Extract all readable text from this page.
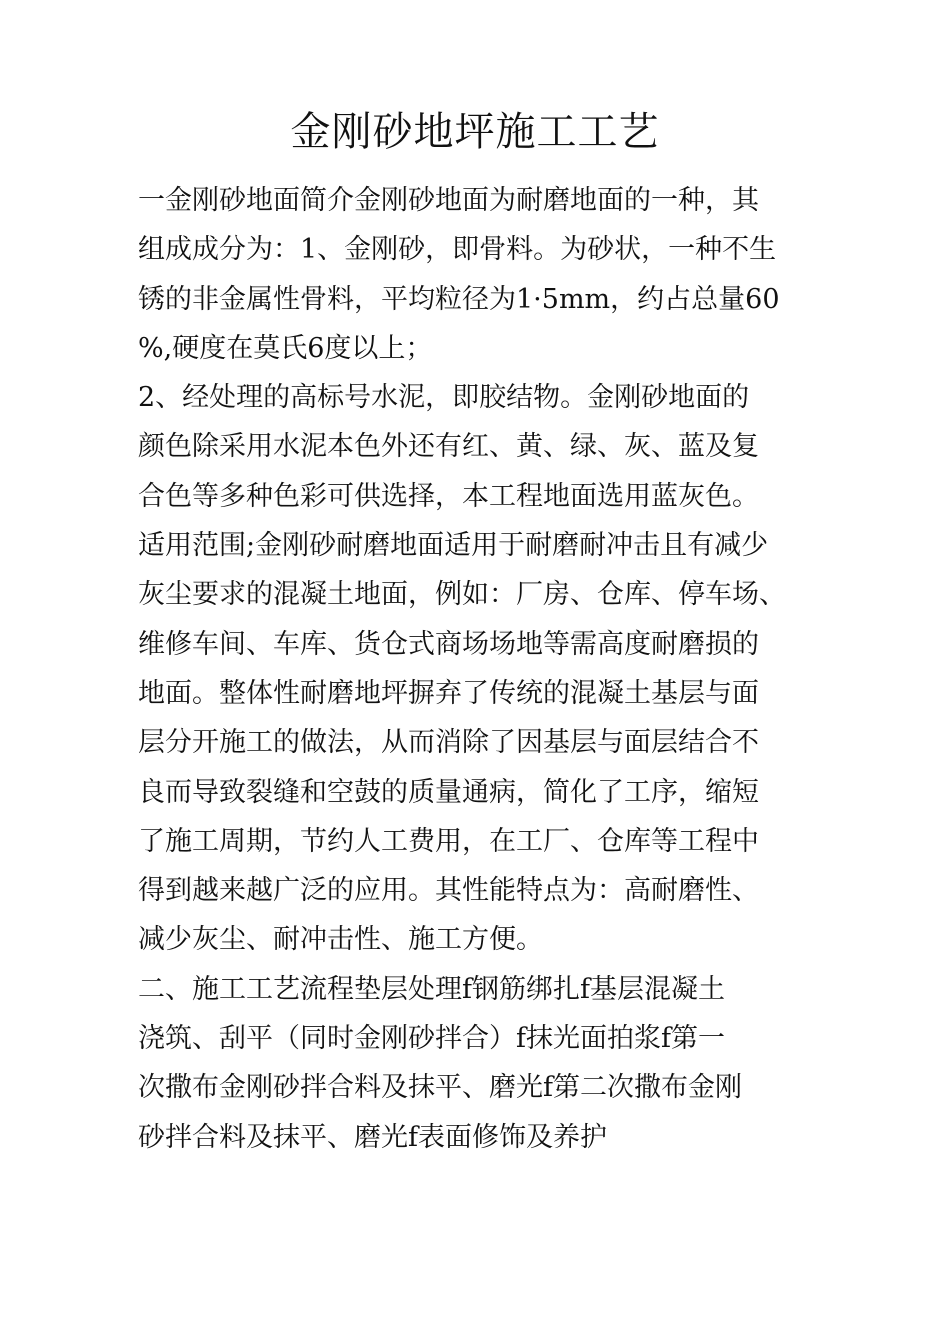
金刚砂地坪施工工艺
一金刚砂地面简介金刚砂地面为耐磨地面的一种，其
组成成分为：1、金刚砂，即骨料。为砂状，一种不生
锈的非金属性骨料，平均粒径为1·5mm，约占总量60
%,硬度在莫氏6度以上；
2、经处理的高标号水泥，即胶结物。金刚砂地面的
颜色除采用水泥本色外还有红、黄、绿、灰、蓝及复
合色等多种色彩可供选择，本工程地面选用蓝灰色。
适用范围;金刚砂耐磨地面适用于耐磨耐冲击且有减少
灰尘要求的混凝土地面，例如：厂房、仓库、停车场、
维修车间、车库、货仓式商场场地等需高度耐磨损的
地面。整体性耐磨地坪摒弃了传统的混凝土基层与面
层分开施工的做法，从而消除了因基层与面层结合不
良而导致裂缝和空鼓的质量通病，简化了工序，缩短
了施工周期，节约人工费用，在工厂、仓库等工程中
得到越来越广泛的应用。其性能特点为：高耐磨性、
减少灰尘、耐冲击性、施工方便。
二、施工工艺流程垫层处理f钢筋绑扎f基层混凝土
浇筑、刮平（同时金刚砂拌合）f抹光面拍浆f第一
次撒布金刚砂拌合料及抹平、磨光f第二次撒布金刚
砂拌合料及抹平、磨光f表面修饰及养护
